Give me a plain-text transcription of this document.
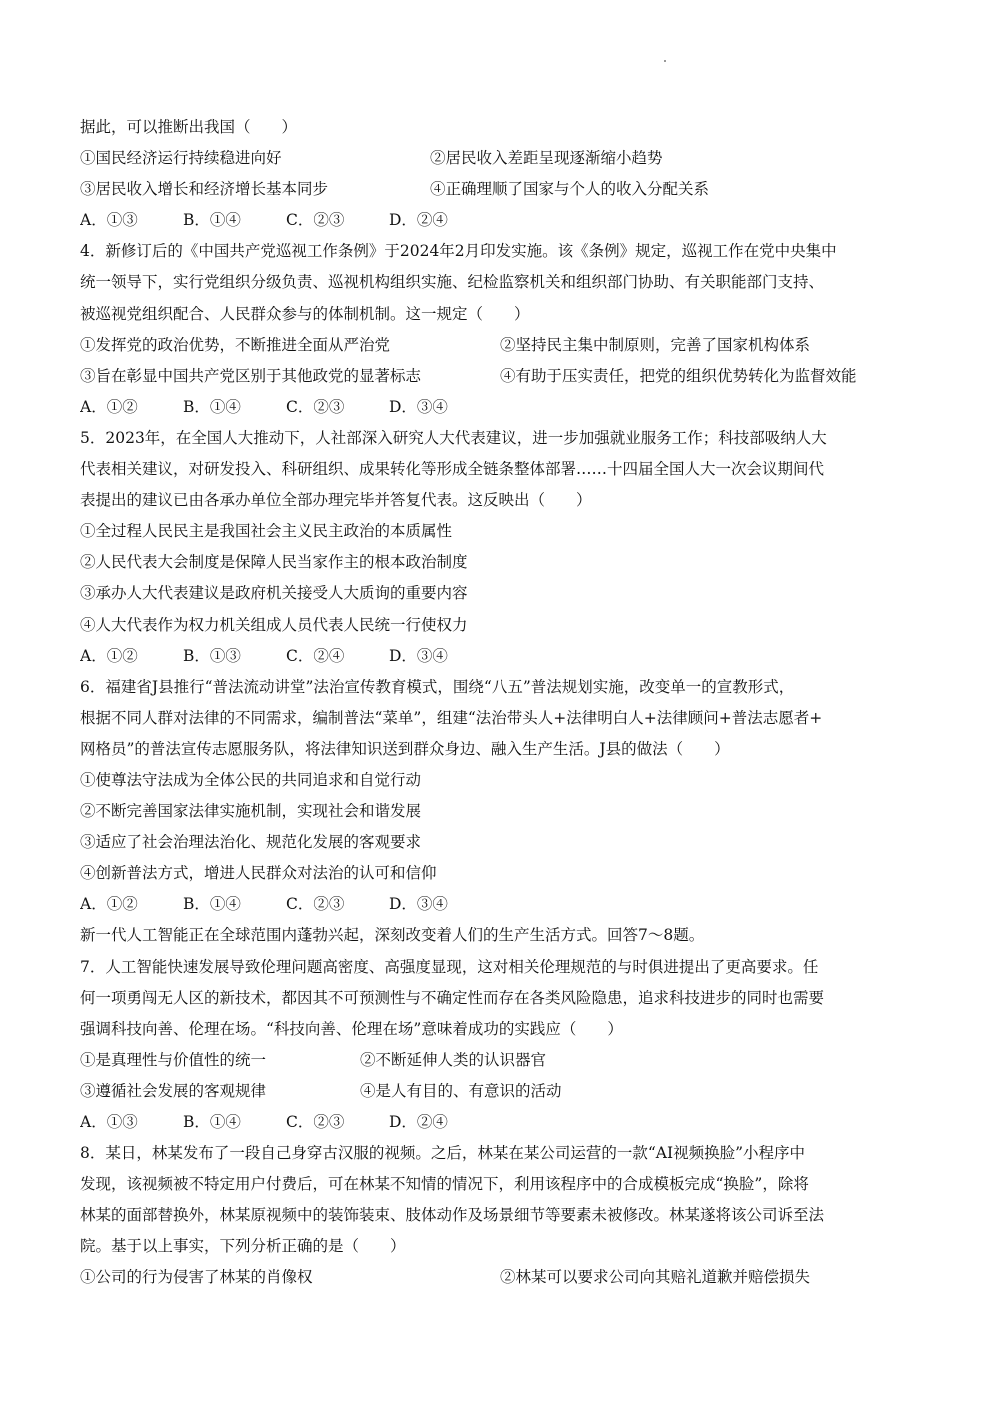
据此，可以推断出我国（　　）
①国民经济运行持续稳进向好	②居民收入差距呈现逐渐缩小趋势
③居民收入增长和经济增长基本同步	④正确理顺了国家与个人的收入分配关系
A．①③	B．①④	C．②③	D．②④
4．新修订后的《中国共产党巡视工作条例》于2024年2月印发实施。该《条例》规定，巡视工作在党中央集中
统一领导下，实行党组织分级负责、巡视机构组织实施、纪检监察机关和组织部门协助、有关职能部门支持、
被巡视党组织配合、人民群众参与的体制机制。这一规定（　　）
①发挥党的政治优势，不断推进全面从严治党	②坚持民主集中制原则，完善了国家机构体系
③旨在彰显中国共产党区别于其他政党的显著标志	④有助于压实责任，把党的组织优势转化为监督效能
A．①②	B．①④	C．②③	D．③④
5．2023年，在全国人大推动下，人社部深入研究人大代表建议，进一步加强就业服务工作；科技部吸纳人大
代表相关建议，对研发投入、科研组织、成果转化等形成全链条整体部署……十四届全国人大一次会议期间代
表提出的建议已由各承办单位全部办理完毕并答复代表。这反映出（　　）
①全过程人民民主是我国社会主义民主政治的本质属性
②人民代表大会制度是保障人民当家作主的根本政治制度
③承办人大代表建议是政府机关接受人大质询的重要内容
④人大代表作为权力机关组成人员代表人民统一行使权力
A．①②	B．①③	C．②④	D．③④
6．福建省J县推行“普法流动讲堂”法治宣传教育模式，围绕“八五”普法规划实施，改变单一的宣教形式，
根据不同人群对法律的不同需求，编制普法“菜单”，组建“法治带头人+法律明白人+法律顾问+普法志愿者+
网格员”的普法宣传志愿服务队，将法律知识送到群众身边、融入生产生活。J县的做法（　　）
①使尊法守法成为全体公民的共同追求和自觉行动
②不断完善国家法律实施机制，实现社会和谐发展
③适应了社会治理法治化、规范化发展的客观要求
④创新普法方式，增进人民群众对法治的认可和信仰
A．①②	B．①④	C．②③	D．③④
新一代人工智能正在全球范围内蓬勃兴起，深刻改变着人们的生产生活方式。回答7～8题。
7．人工智能快速发展导致伦理问题高密度、高强度显现，这对相关伦理规范的与时俱进提出了更高要求。任
何一项勇闯无人区的新技术，都因其不可预测性与不确定性而存在各类风险隐患，追求科技进步的同时也需要
强调科技向善、伦理在场。“科技向善、伦理在场”意味着成功的实践应（　　）
①是真理性与价值性的统一	②不断延伸人类的认识器官
③遵循社会发展的客观规律	④是人有目的、有意识的活动
A．①③	B．①④	C．②③	D．②④
8．某日，林某发布了一段自己身穿古汉服的视频。之后，林某在某公司运营的一款“AI视频换脸”小程序中
发现，该视频被不特定用户付费后，可在林某不知情的情况下，利用该程序中的合成模板完成“换脸”，除将
林某的面部替换外，林某原视频中的装饰装束、肢体动作及场景细节等要素未被修改。林某遂将该公司诉至法
院。基于以上事实，下列分析正确的是（　　）
①公司的行为侵害了林某的肖像权	②林某可以要求公司向其赔礼道歉并赔偿损失
